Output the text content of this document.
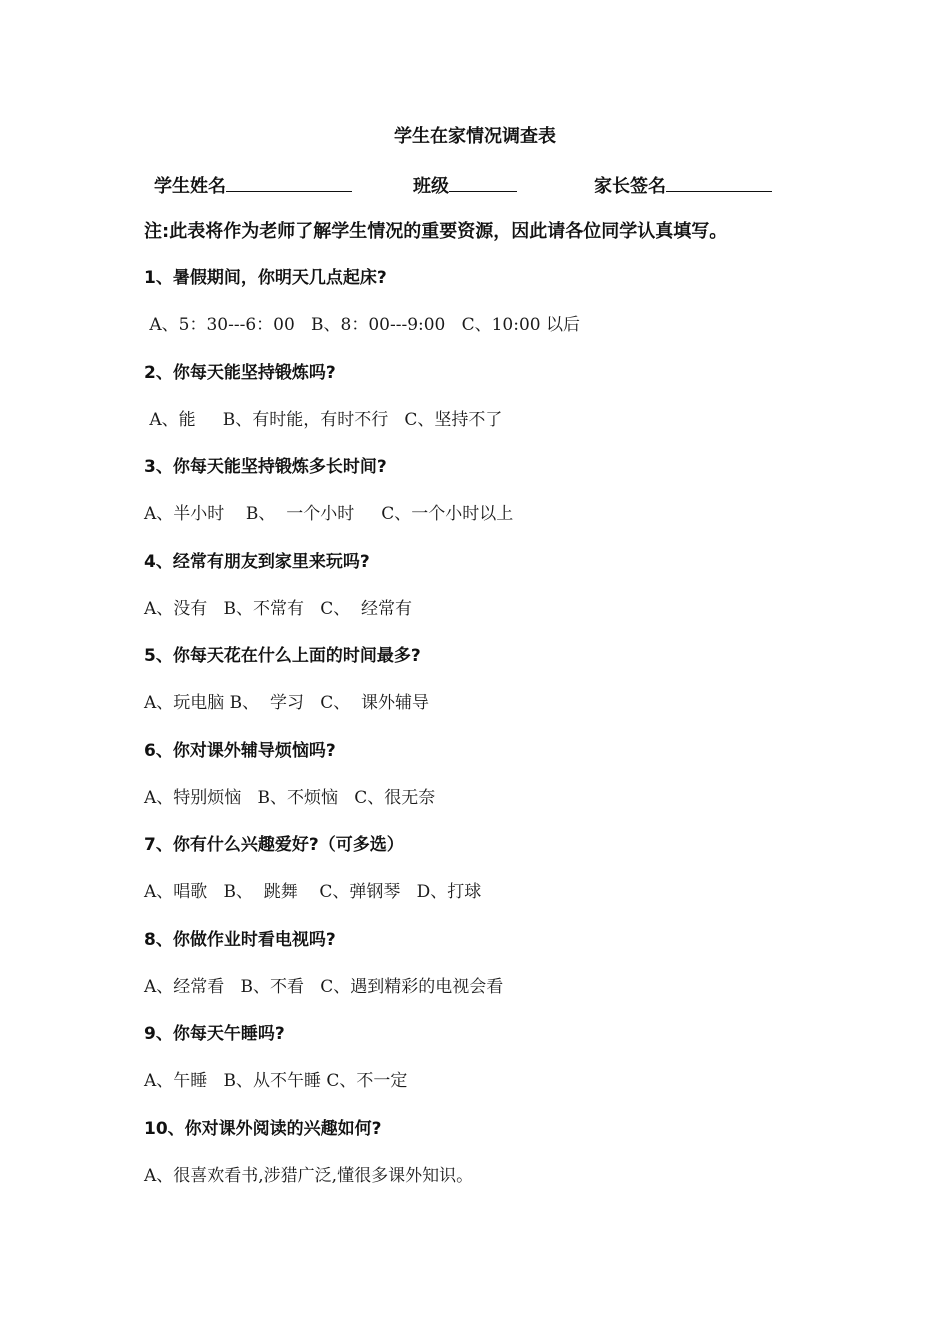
学生在家情况调查表
学生姓名	班级	家长签名
注:此表将作为老师了解学生情况的重要资源，因此请各位同学认真填写。
1、暑假期间，你明天几点起床?
A、5：30---6：00   B、8：00---9:00   C、10:00 以后
2、你每天能坚持锻炼吗?
A、能     B、有时能，有时不行   C、坚持不了
3、你每天能坚持锻炼多长时间?
A、半小时    B、  一个小时     C、一个小时以上
4、经常有朋友到家里来玩吗?
A、没有   B、不常有   C、  经常有
5、你每天花在什么上面的时间最多?
A、玩电脑 B、  学习   C、  课外辅导
6、你对课外辅导烦恼吗?
A、特别烦恼   B、不烦恼   C、很无奈
7、你有什么兴趣爱好?（可多选）
A、唱歌   B、  跳舞    C、弹钢琴   D、打球
8、你做作业时看电视吗?
A、经常看   B、不看   C、遇到精彩的电视会看
9、你每天午睡吗?
A、午睡   B、从不午睡 C、不一定
10、你对课外阅读的兴趣如何?
A、很喜欢看书,涉猎广泛,懂很多课外知识。
